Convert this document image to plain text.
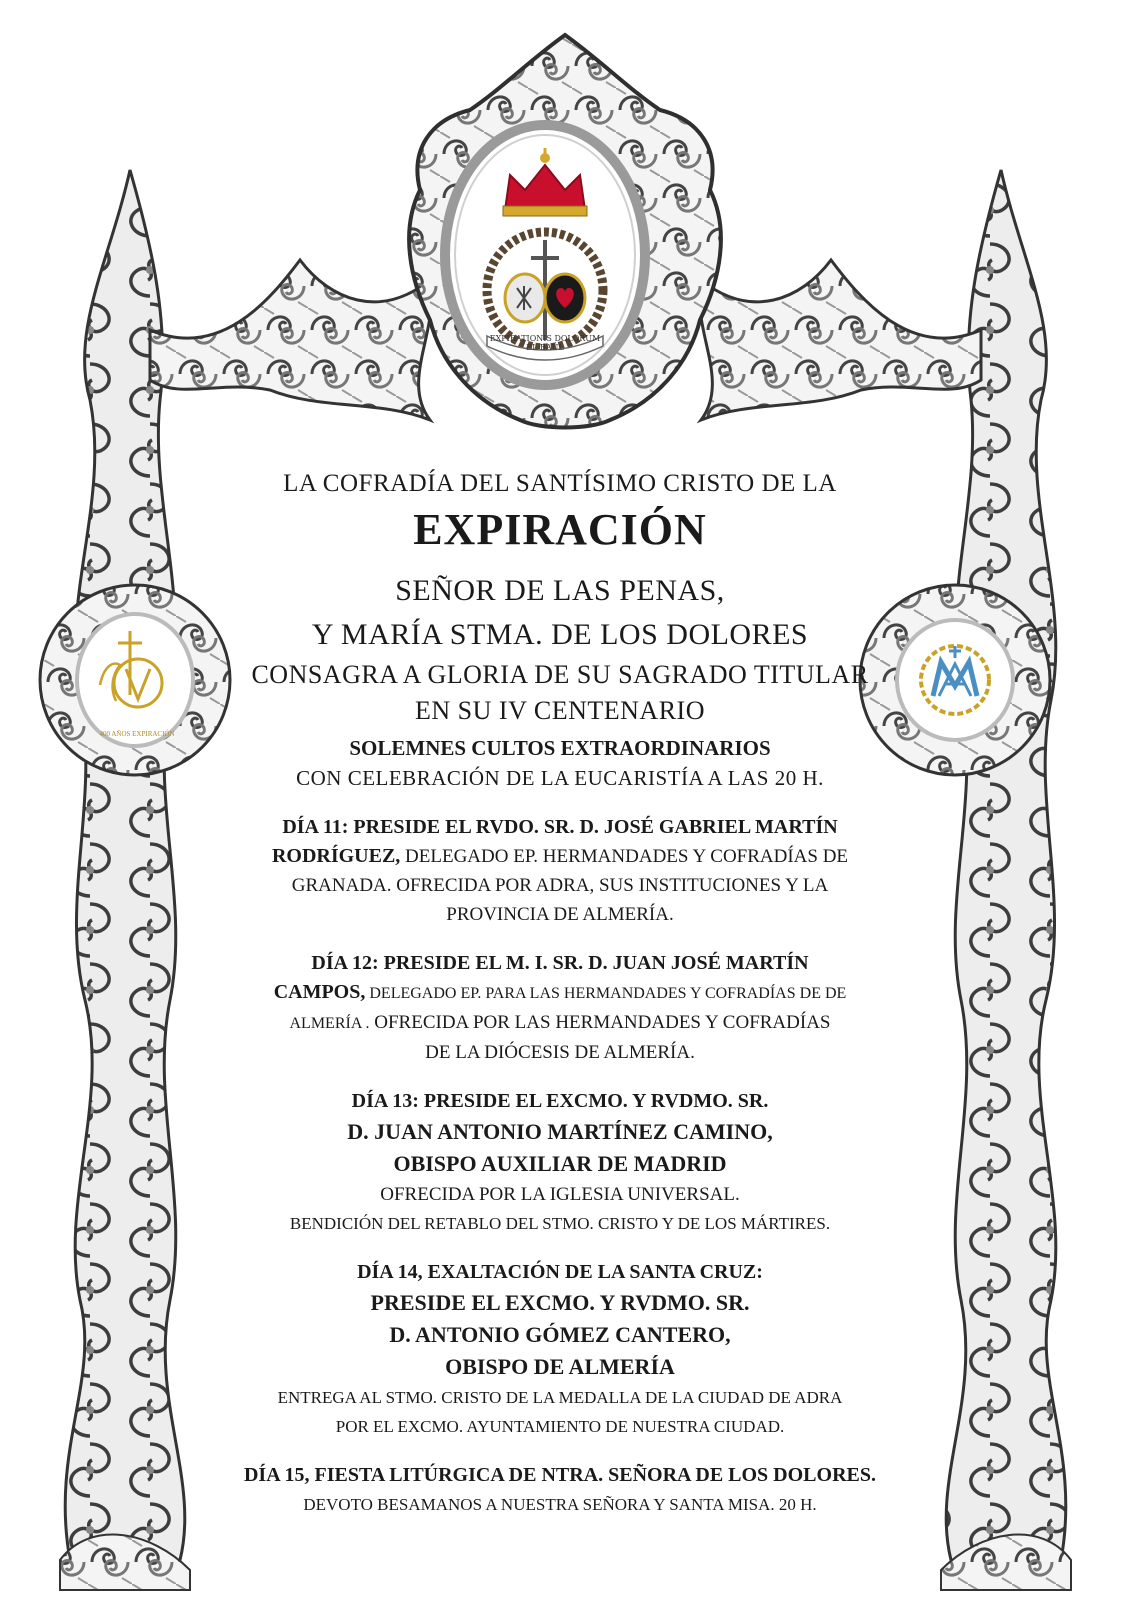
EXPIRATIONIS DOLORUM
EL BAÚL
400 AÑOS EXPIRACIÓN

LA COFRADÍA DEL SANTÍSIMO CRISTO DE LA

EXPIRACIÓN

SEÑOR DE LAS PENAS,

Y MARÍA STMA. DE LOS DOLORES

CONSAGRA A GLORIA DE SU SAGRADO TITULAR

EN SU IV CENTENARIO

SOLEMNES CULTOS EXTRAORDINARIOS

CON CELEBRACIÓN DE LA EUCARISTÍA A LAS 20 H.

DÍA 11: PRESIDE EL RVDO. SR. D. JOSÉ GABRIEL MARTÍN
RODRÍGUEZ, DELEGADO EP. HERMANDADES Y COFRADÍAS DE
GRANADA. OFRECIDA POR ADRA, SUS INSTITUCIONES Y LA
PROVINCIA DE ALMERÍA.
DÍA 12: PRESIDE EL M. I. SR. D. JUAN JOSÉ MARTÍN
CAMPOS, DELEGADO EP. PARA LAS HERMANDADES Y COFRADÍAS DE DE
ALMERÍA . OFRECIDA POR LAS HERMANDADES Y COFRADÍAS
DE LA DIÓCESIS DE ALMERÍA.
DÍA 13: PRESIDE EL EXCMO. Y RVDMO. SR.
D. JUAN ANTONIO MARTÍNEZ CAMINO,
OBISPO AUXILIAR DE MADRID
OFRECIDA POR LA IGLESIA UNIVERSAL.
BENDICIÓN DEL RETABLO DEL STMO. CRISTO Y DE LOS MÁRTIRES.
DÍA 14, EXALTACIÓN DE LA SANTA CRUZ:
PRESIDE EL EXCMO. Y RVDMO. SR.
D. ANTONIO GÓMEZ CANTERO,
OBISPO DE ALMERÍA
ENTREGA AL STMO. CRISTO DE LA MEDALLA DE LA CIUDAD DE ADRA
POR EL EXCMO. AYUNTAMIENTO DE NUESTRA CIUDAD.
DÍA 15, FIESTA LITÚRGICA DE NTRA. SEÑORA DE LOS DOLORES.
DEVOTO BESAMANOS A NUESTRA SEÑORA Y SANTA MISA. 20 H.
